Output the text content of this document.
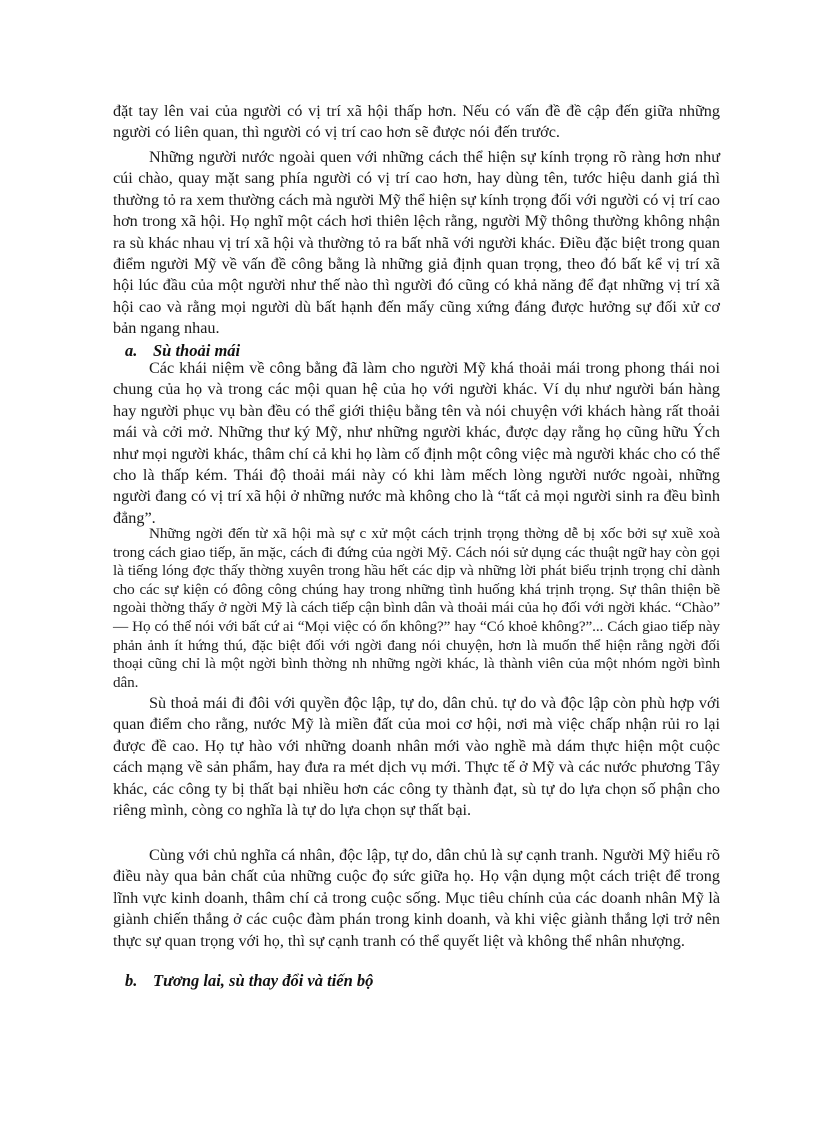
đặt tay lên vai của người có vị trí xã hội thấp hơn. Nếu có vấn đề đề cập đến giữa những người có liên quan, thì người có vị trí cao hơn sẽ được nói đến trước.

Những người nước ngoài quen với những cách thể hiện sự kính trọng rõ ràng hơn như cúi chào, quay mặt sang phía người có vị trí cao hơn, hay dùng tên, tước hiệu danh giá thì thường tỏ ra xem thường cách mà người Mỹ thể hiện sự kính trọng đối với người có vị trí cao hơn trong xã hội. Họ nghĩ một cách hơi thiên lệch rằng, người Mỹ thông thường không nhận ra sù khác nhau vị trí xã hội và thường tỏ ra bất nhã với người khác. Điều đặc biệt trong quan điểm người Mỹ về vấn đề công bằng là những giả định quan trọng, theo đó bất kể vị trí xã hội lúc đầu của một người như thế nào thì người đó cũng có khả năng để đạt những vị trí xã hội cao và rằng mọi người dù bất hạnh đến mấy cũng xứng đáng được hưởng sự đối xử cơ bản ngang nhau.

a. Sù thoải mái

Các khái niệm về công bằng đã làm cho người Mỹ khá thoải mái trong phong thái noi chung của họ và trong các mội quan hệ của họ với người khác. Ví dụ như người bán hàng hay người phục vụ bàn đều có thể giới thiệu bằng tên và nói chuyện với khách hàng rất thoải mái và cởi mở. Những thư ký Mỹ, như những người khác, được dạy rằng họ cũng hữu Ých như mọi người khác, thâm chí cả khi họ làm cố định một công việc mà người khác cho có thể cho là thấp kém. Thái độ thoải mái này có khi làm mếch lòng người nước ngoài, những người đang có vị trí xã hội ở những nước mà không cho là “tất cả mọi người sinh ra đều bình đẳng”.

Những ngời đến từ xã hội mà sự c xử một cách trịnh trọng thờng dễ bị xốc bởi sự xuề xoà trong cách giao tiếp, ăn mặc, cách đi đứng của ngời Mỹ. Cách nói sử dụng các thuật ngữ hay còn gọi là tiếng lóng đợc thấy thờng xuyên trong hầu hết các dịp và những lời phát biểu trịnh trọng chỉ dành cho các sự kiện có đông công chúng hay trong những tình huống khá trịnh trọng. Sự thân thiện bề ngoài thờng thấy ở ngời Mỹ là cách tiếp cận bình dân và thoải mái của họ đối với ngời khác. “Chào” — Họ có thể nói với bất cứ ai “Mọi việc có ổn không?” hay “Có khoẻ không?”... Cách giao tiếp này phản ảnh ít hứng thú, đặc biệt đối với ngời đang nói chuyện, hơn là muốn thể hiện rằng ngời đối thoại cũng chỉ là một ngời bình thờng nh những ngời khác, là thành viên của một nhóm ngời bình dân.

Sù thoả mái đi đôi với quyền độc lập, tự do, dân chủ. tự do và độc lập còn phù hợp với quan điểm cho rằng, nước Mỹ là miền đất của moi cơ hội, nơi mà việc chấp nhận rủi ro lại được đề cao. Họ tự hào với những doanh nhân mới vào nghề mà dám thực hiện một cuộc cách mạng về sản phẩm, hay đưa ra mét dịch vụ mới. Thực tế ở Mỹ và các nước phương Tây khác, các công ty bị thất bại nhiều hơn các công ty thành đạt, sù tự do lựa chọn số phận cho riêng mình, còng co nghĩa là tự do lựa chọn sự thất bại.

Cùng với chủ nghĩa cá nhân, độc lập, tự do, dân chủ là sự cạnh tranh. Người Mỹ hiểu rõ điều này qua bản chất của những cuộc đọ sức giữa họ. Họ vận dụng một cách triệt để trong lĩnh vực kinh doanh, thâm chí cả trong cuộc sống. Mục tiêu chính của các doanh nhân Mỹ là giành chiến thắng ở các cuộc đàm phán trong kinh doanh, và khi việc giành thắng lợi trở nên thực sự quan trọng với họ, thì sự cạnh tranh có thể quyết liệt và không thể nhân nhượng.

b. Tương lai, sù thay đổi và tiến bộ
